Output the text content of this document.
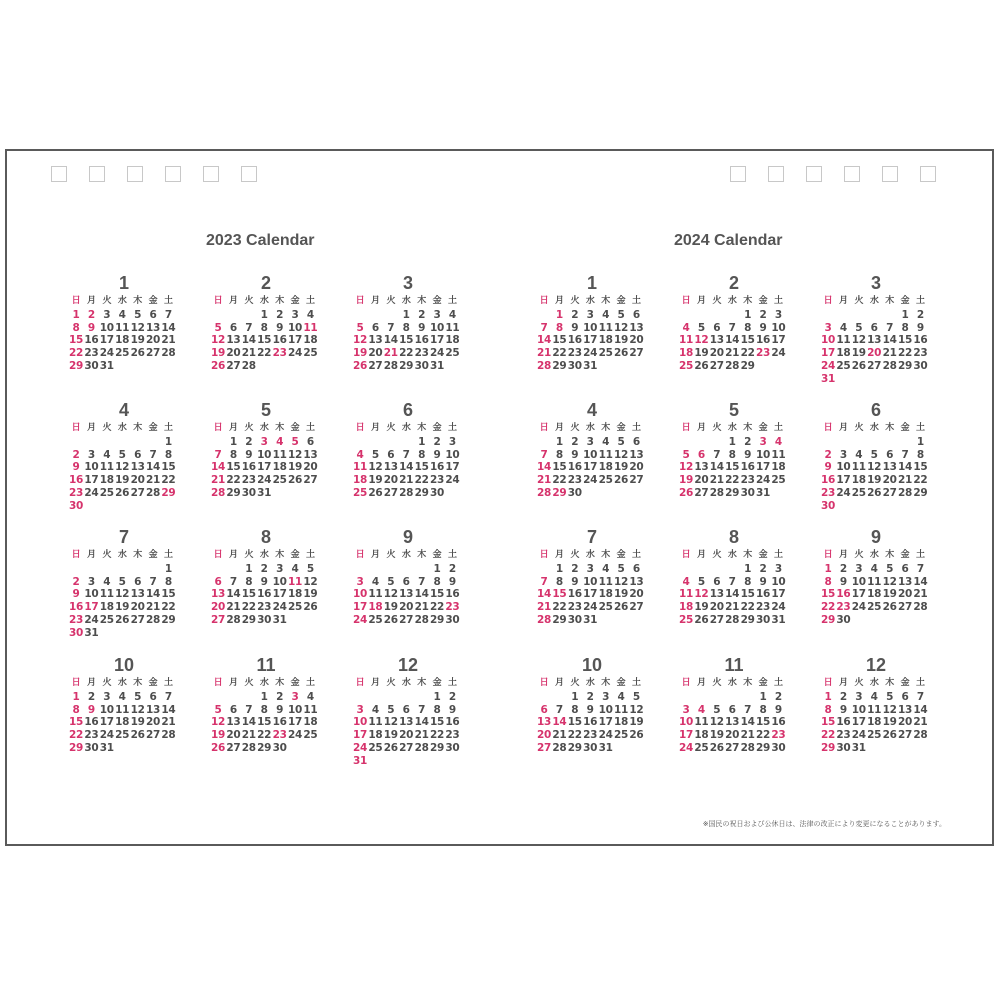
2023 Calendar	2024 Calendar
1
日 月 火 水 木 金 土
1 2 3 4 5 6 7
8 9 10 11 12 13 14
15 16 17 18 19 20 21
22 23 24 25 26 27 28
29 30 31
2
日 月 火 水 木 金 土
1 2 3 4
5 6 7 8 9 10 11
12 13 14 15 16 17 18
19 20 21 22 23 24 25
26 27 28
3
日 月 火 水 木 金 土
1 2 3 4
5 6 7 8 9 10 11
12 13 14 15 16 17 18
19 20 21 22 23 24 25
26 27 28 29 30 31
4
日 月 火 水 木 金 土
1
2 3 4 5 6 7 8
9 10 11 12 13 14 15
16 17 18 19 20 21 22
23 24 25 26 27 28 29
30
5
日 月 火 水 木 金 土
1 2 3 4 5 6
7 8 9 10 11 12 13
14 15 16 17 18 19 20
21 22 23 24 25 26 27
28 29 30 31
6
日 月 火 水 木 金 土
1 2 3
4 5 6 7 8 9 10
11 12 13 14 15 16 17
18 19 20 21 22 23 24
25 26 27 28 29 30
7
日 月 火 水 木 金 土
1
2 3 4 5 6 7 8
9 10 11 12 13 14 15
16 17 18 19 20 21 22
23 24 25 26 27 28 29
30 31
8
日 月 火 水 木 金 土
1 2 3 4 5
6 7 8 9 10 11 12
13 14 15 16 17 18 19
20 21 22 23 24 25 26
27 28 29 30 31
9
日 月 火 水 木 金 土
1 2
3 4 5 6 7 8 9
10 11 12 13 14 15 16
17 18 19 20 21 22 23
24 25 26 27 28 29 30
10
日 月 火 水 木 金 土
1 2 3 4 5 6 7
8 9 10 11 12 13 14
15 16 17 18 19 20 21
22 23 24 25 26 27 28
29 30 31
11
日 月 火 水 木 金 土
1 2 3 4
5 6 7 8 9 10 11
12 13 14 15 16 17 18
19 20 21 22 23 24 25
26 27 28 29 30
12
日 月 火 水 木 金 土
1 2
3 4 5 6 7 8 9
10 11 12 13 14 15 16
17 18 19 20 21 22 23
24 25 26 27 28 29 30
31
1
日 月 火 水 木 金 土
1 2 3 4 5 6
7 8 9 10 11 12 13
14 15 16 17 18 19 20
21 22 23 24 25 26 27
28 29 30 31
2
日 月 火 水 木 金 土
1 2 3
4 5 6 7 8 9 10
11 12 13 14 15 16 17
18 19 20 21 22 23 24
25 26 27 28 29
3
日 月 火 水 木 金 土
1 2
3 4 5 6 7 8 9
10 11 12 13 14 15 16
17 18 19 20 21 22 23
24 25 26 27 28 29 30
31
4
日 月 火 水 木 金 土
1 2 3 4 5 6
7 8 9 10 11 12 13
14 15 16 17 18 19 20
21 22 23 24 25 26 27
28 29 30
5
日 月 火 水 木 金 土
1 2 3 4
5 6 7 8 9 10 11
12 13 14 15 16 17 18
19 20 21 22 23 24 25
26 27 28 29 30 31
6
日 月 火 水 木 金 土
1
2 3 4 5 6 7 8
9 10 11 12 13 14 15
16 17 18 19 20 21 22
23 24 25 26 27 28 29
30
7
日 月 火 水 木 金 土
1 2 3 4 5 6
7 8 9 10 11 12 13
14 15 16 17 18 19 20
21 22 23 24 25 26 27
28 29 30 31
8
日 月 火 水 木 金 土
1 2 3
4 5 6 7 8 9 10
11 12 13 14 15 16 17
18 19 20 21 22 23 24
25 26 27 28 29 30 31
9
日 月 火 水 木 金 土
1 2 3 4 5 6 7
8 9 10 11 12 13 14
15 16 17 18 19 20 21
22 23 24 25 26 27 28
29 30
10
日 月 火 水 木 金 土
1 2 3 4 5
6 7 8 9 10 11 12
13 14 15 16 17 18 19
20 21 22 23 24 25 26
27 28 29 30 31
11
日 月 火 水 木 金 土
1 2
3 4 5 6 7 8 9
10 11 12 13 14 15 16
17 18 19 20 21 22 23
24 25 26 27 28 29 30
12
日 月 火 水 木 金 土
1 2 3 4 5 6 7
8 9 10 11 12 13 14
15 16 17 18 19 20 21
22 23 24 25 26 27 28
29 30 31
※国民の祝日および公休日は、法律の改正により変更になることがあります。
